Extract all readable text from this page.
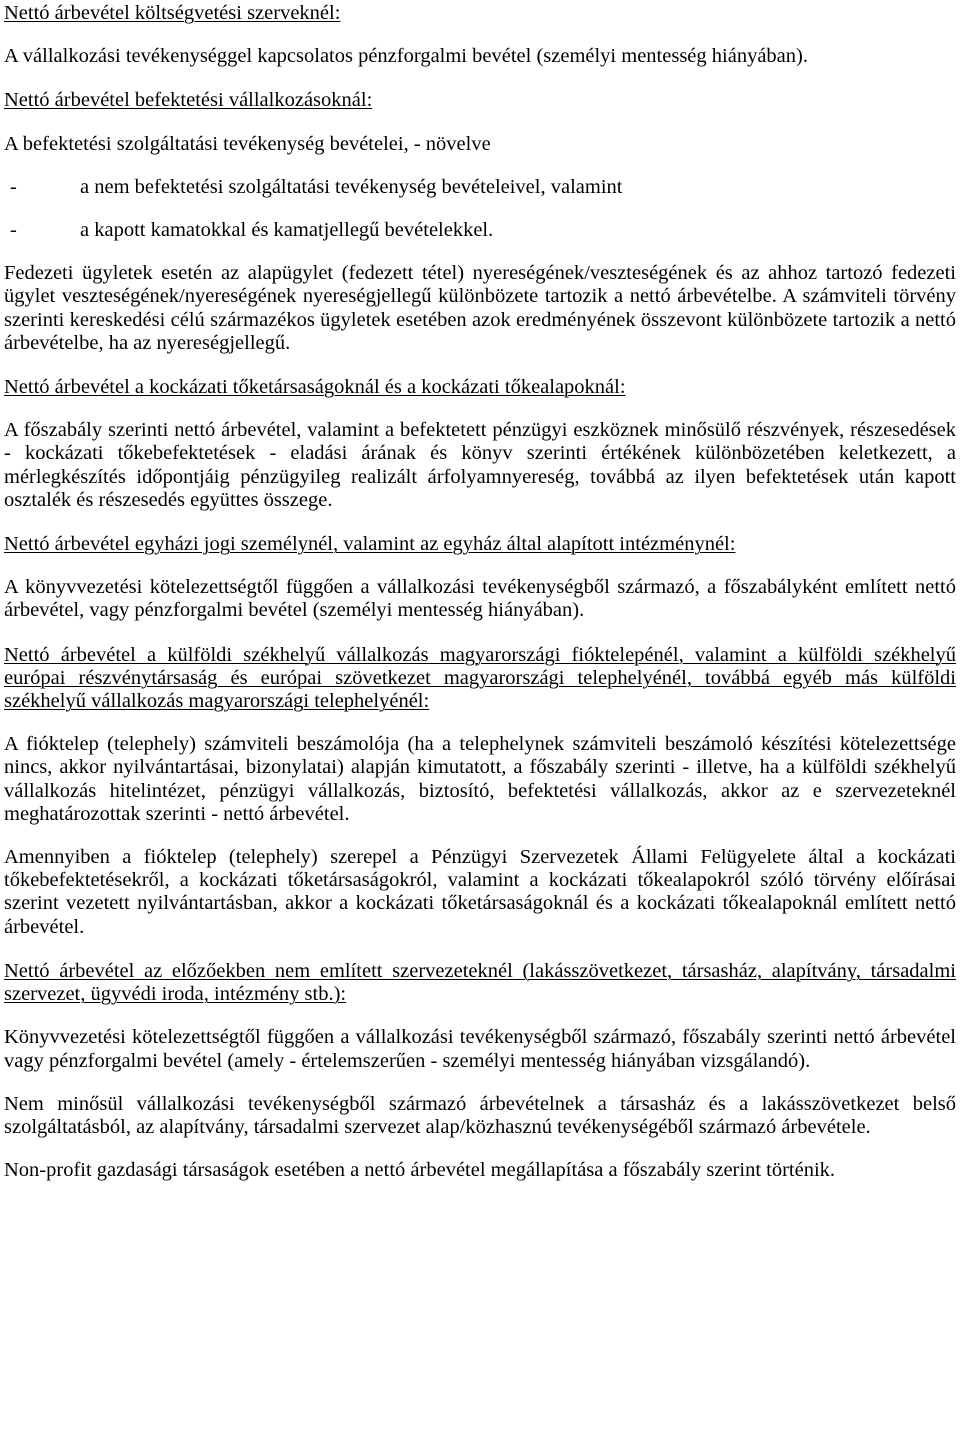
Nettó árbevétel költségvetési szerveknél:

A vállalkozási tevékenységgel kapcsolatos pénzforgalmi bevétel (személyi mentesség hiányában).

Nettó árbevétel befektetési vállalkozásoknál:

A befektetési szolgáltatási tevékenység bevételei, - növelve

-	a nem befektetési szolgáltatási tevékenység bevételeivel, valamint
-	a kapott kamatokkal és kamatjellegű bevételekkel.

Fedezeti ügyletek esetén az alapügylet (fedezett tétel) nyereségének/veszteségének és az ahhoz tartozó fedezeti ügylet veszteségének/nyereségének nyereségjellegű különbözete tartozik a nettó árbevételbe. A számviteli törvény szerinti kereskedési célú származékos ügyletek esetében azok eredményének összevont különbözete tartozik a nettó árbevételbe, ha az nyereségjellegű.

Nettó árbevétel a kockázati tőketársaságoknál és a kockázati tőkealapoknál:

A főszabály szerinti nettó árbevétel, valamint a befektetett pénzügyi eszköznek minősülő részvények, részesedések - kockázati tőkebefektetések - eladási árának és könyv szerinti értékének különbözetében keletkezett, a mérlegkészítés időpontjáig pénzügyileg realizált árfolyamnyereség, továbbá az ilyen befektetések után kapott osztalék és részesedés együttes összege.

Nettó árbevétel egyházi jogi személynél, valamint az egyház által alapított intézménynél:

A könyvvezetési kötelezettségtől függően a vállalkozási tevékenységből származó, a főszabályként említett nettó árbevétel, vagy pénzforgalmi bevétel (személyi mentesség hiányában).

Nettó árbevétel a külföldi székhelyű vállalkozás magyarországi fióktelepénél, valamint a külföldi székhelyű európai részvénytársaság és európai szövetkezet magyarországi telephelyénél, továbbá egyéb más külföldi székhelyű vállalkozás magyarországi telephelyénél:

A fióktelep (telephely) számviteli beszámolója (ha a telephelynek számviteli beszámoló készítési kötelezettsége nincs, akkor nyilvántartásai, bizonylatai) alapján kimutatott, a főszabály szerinti - illetve, ha a külföldi székhelyű vállalkozás hitelintézet, pénzügyi vállalkozás, biztosító, befektetési vállalkozás, akkor az e szervezeteknél meghatározottak szerinti - nettó árbevétel.

Amennyiben a fióktelep (telephely) szerepel a Pénzügyi Szervezetek Állami Felügyelete által a kockázati tőkebefektetésekről, a kockázati tőketársaságokról, valamint a kockázati tőkealapokról szóló törvény előírásai szerint vezetett nyilvántartásban, akkor a kockázati tőketársaságoknál és a kockázati tőkealapoknál említett nettó árbevétel.

Nettó árbevétel az előzőekben nem említett szervezeteknél (lakásszövetkezet, társasház, alapítvány, társadalmi szervezet, ügyvédi iroda, intézmény stb.):

Könyvvezetési kötelezettségtől függően a vállalkozási tevékenységből származó, főszabály szerinti nettó árbevétel vagy pénzforgalmi bevétel (amely - értelemszerűen - személyi mentesség hiányában vizsgálandó).

Nem minősül vállalkozási tevékenységből származó árbevételnek a társasház és a lakásszövetkezet belső szolgáltatásból, az alapítvány, társadalmi szervezet alap/közhasznú tevékenységéből származó árbevétele.

Non-profit gazdasági társaságok esetében a nettó árbevétel megállapítása a főszabály szerint történik.
